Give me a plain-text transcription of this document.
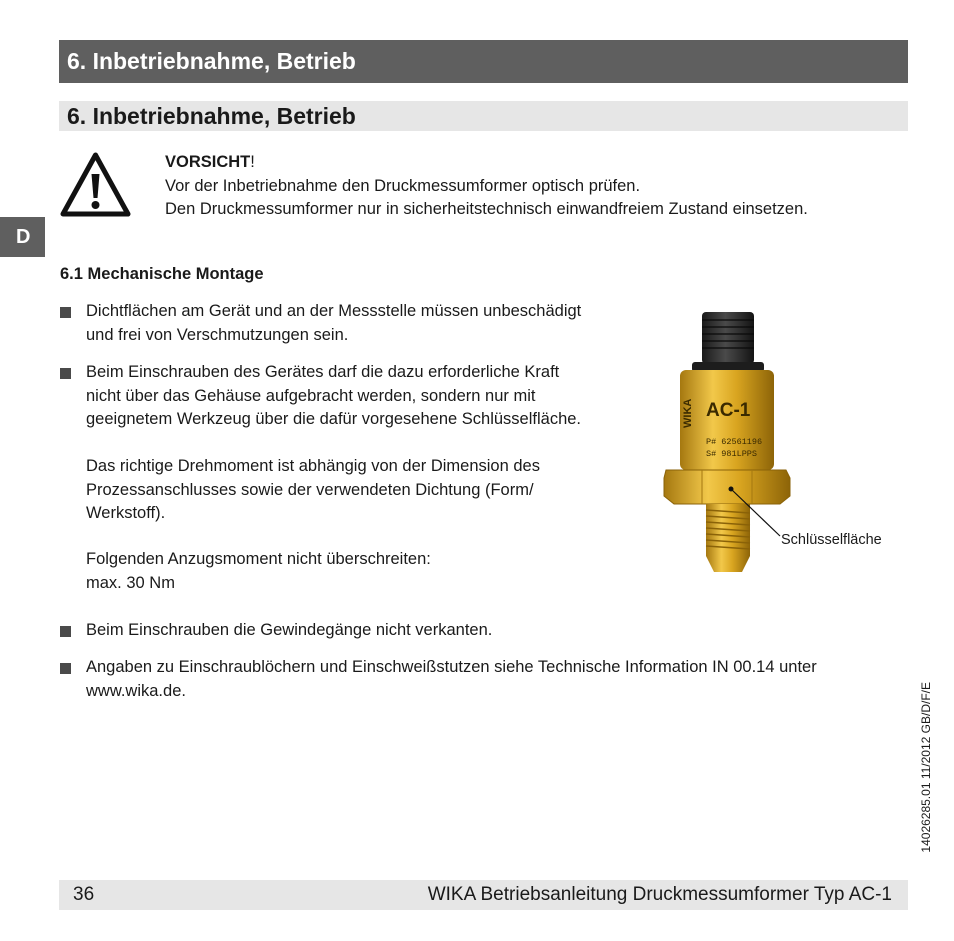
6. Inbetriebnahme, Betrieb
6. Inbetriebnahme, Betrieb
VORSICHT!
Vor der Inbetriebnahme den Druckmessumformer optisch prüfen.
Den Druckmessumformer nur in sicherheitstechnisch einwandfreiem Zustand einsetzen.
D
6.1 Mechanische Montage
Dichtflächen am Gerät und an der Messstelle müssen unbeschädigt
und frei von Verschmutzungen sein.
Beim Einschrauben des Gerätes darf die dazu erforderliche Kraft
nicht über das Gehäuse aufgebracht werden, sondern nur mit
geeignetem Werkzeug über die dafür vorgesehene Schlüsselfläche.
Das richtige Drehmoment ist abhängig von der Dimension des
Prozessanschlusses sowie der verwendeten Dichtung (Form/
Werkstoff).
Folgenden Anzugsmoment nicht überschreiten:
max. 30 Nm
Beim Einschrauben die Gewindegänge nicht verkanten.
Angaben zu Einschraublöchern und Einschweißstutzen siehe Technische Information IN 00.14 unter
www.wika.de.
WIKA AC-1
P# 62561196
S# 981LPPS
Schlüsselfläche
14026285.01 11/2012 GB/D/F/E
36	WIKA Betriebsanleitung Druckmessumformer Typ AC-1
